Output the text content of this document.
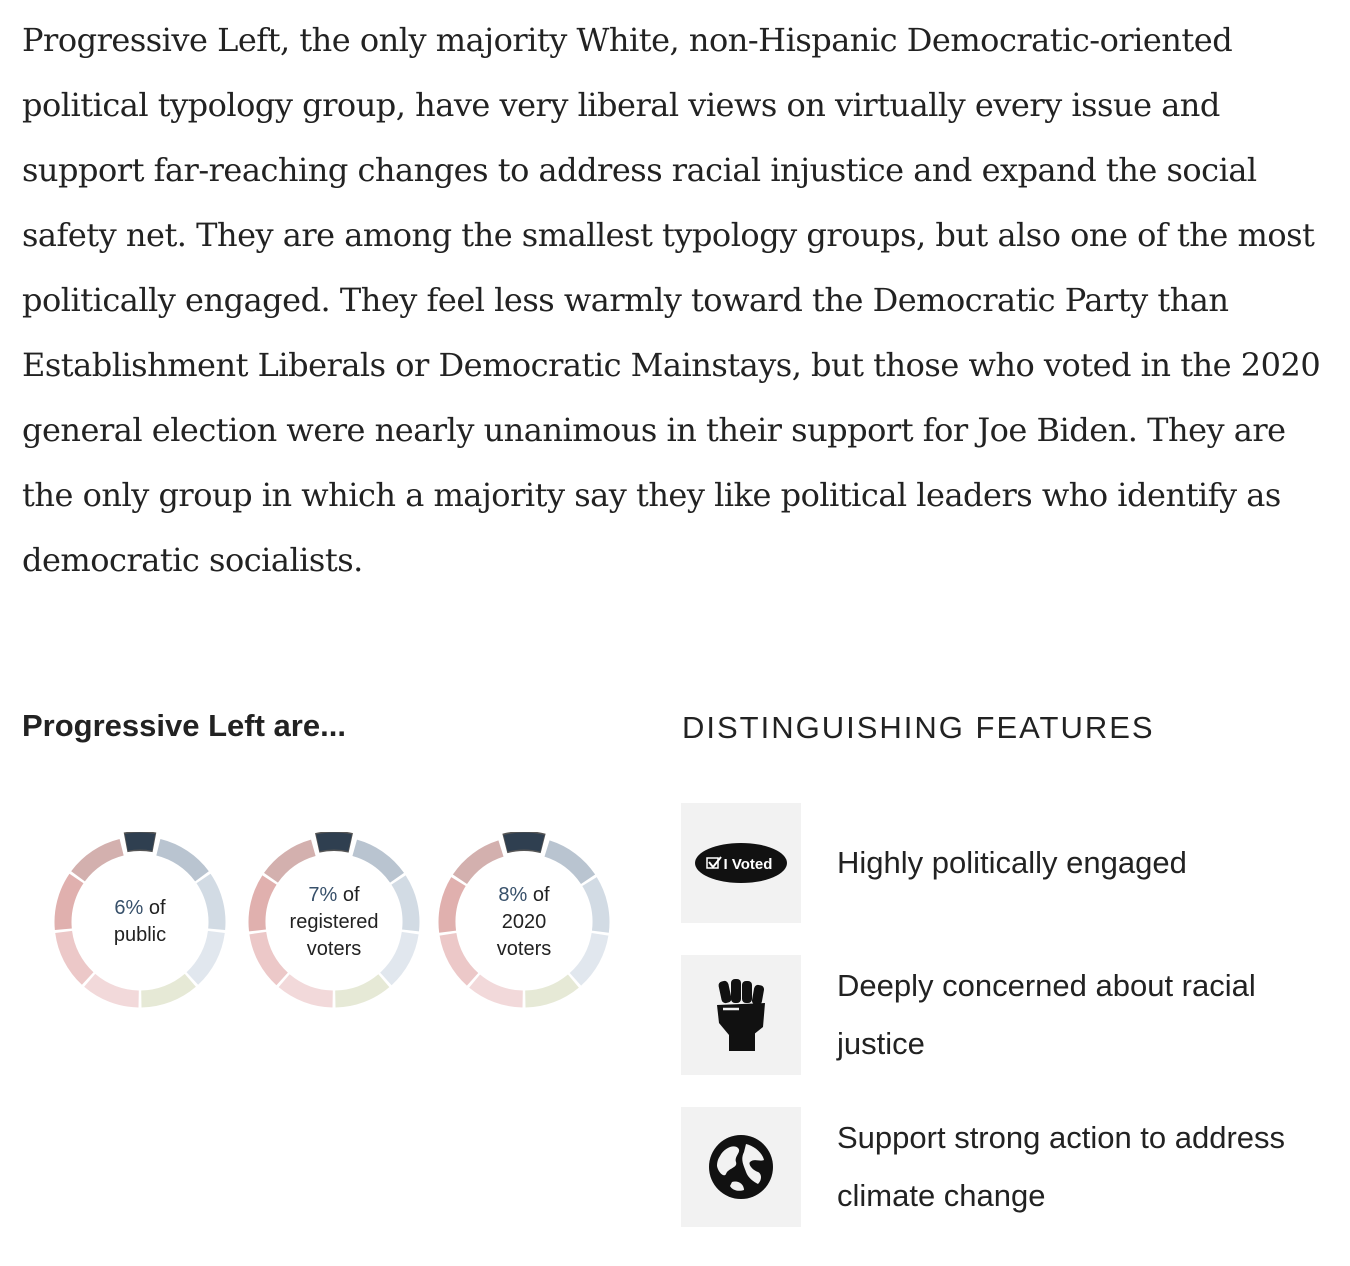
Progressive Left, the only majority White, non-Hispanic Democratic-oriented political typology group, have very liberal views on virtually every issue and support far-reaching changes to address racial injustice and expand the social safety net. They are among the smallest typology groups, but also one of the most politically engaged. They feel less warmly toward the Democratic Party than Establishment Liberals or Democratic Mainstays, but those who voted in the 2020 general election were nearly unanimous in their support for Joe Biden. They are the only group in which a majority say they like political leaders who identify as democratic socialists.

Progressive Left are...
6% of
public
7% of
registered
voters
8% of
2020
voters
DISTINGUISHING FEATURES
I Voted Highly politically engaged
Deeply concerned about racial justice
Support strong action to address climate change
